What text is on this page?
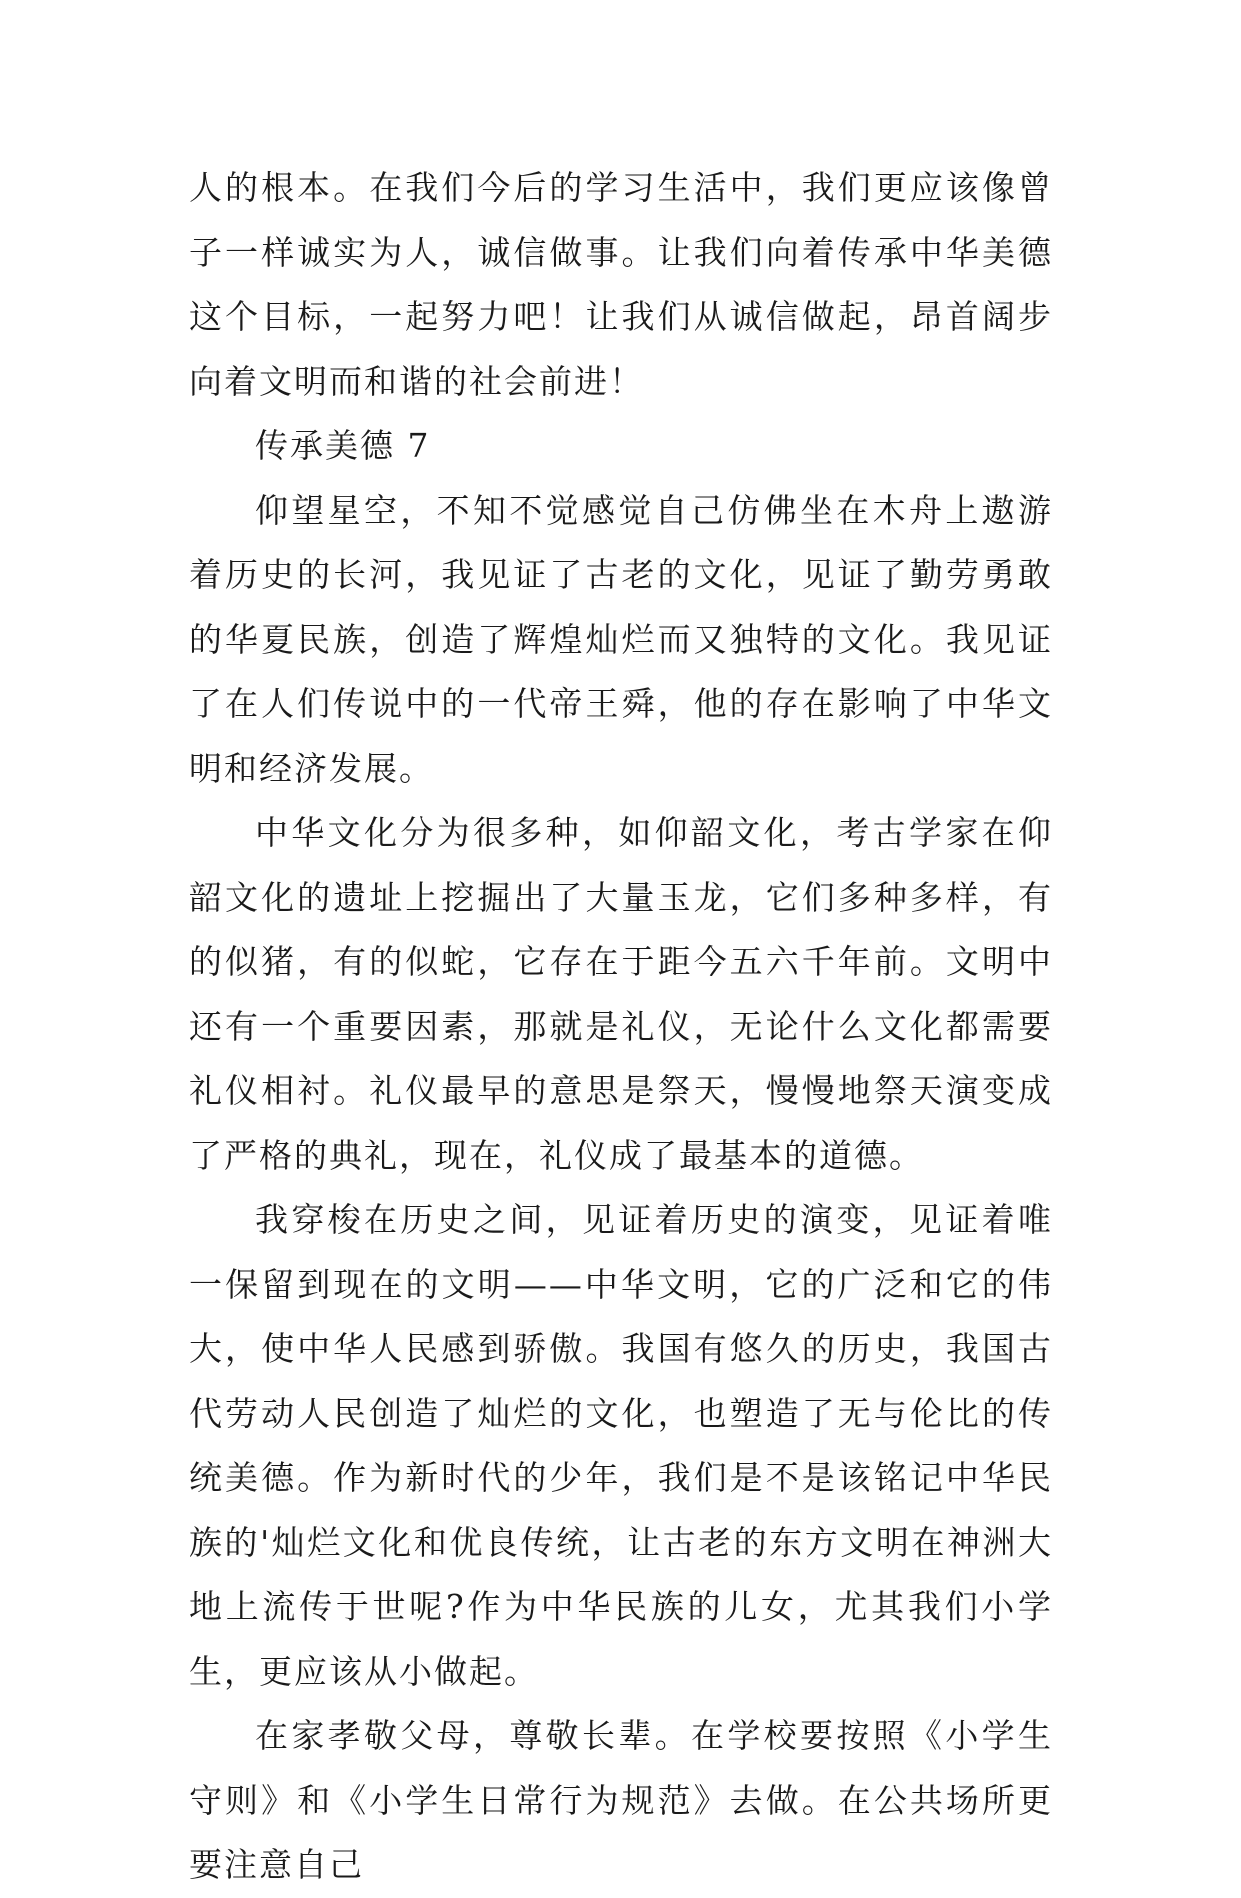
人的根本。在我们今后的学习生活中，我们更应该像曾子一样诚实为人，诚信做事。让我们向着传承中华美德这个目标，一起努力吧！让我们从诚信做起，昂首阔步向着文明而和谐的社会前进！

传承美德 7

仰望星空，不知不觉感觉自己仿佛坐在木舟上遨游着历史的长河，我见证了古老的文化，见证了勤劳勇敢的华夏民族，创造了辉煌灿烂而又独特的文化。我见证了在人们传说中的一代帝王舜，他的存在影响了中华文明和经济发展。

中华文化分为很多种，如仰韶文化，考古学家在仰韶文化的遗址上挖掘出了大量玉龙，它们多种多样，有的似猪，有的似蛇，它存在于距今五六千年前。文明中还有一个重要因素，那就是礼仪，无论什么文化都需要礼仪相衬。礼仪最早的意思是祭天，慢慢地祭天演变成了严格的典礼，现在，礼仪成了最基本的道德。

我穿梭在历史之间，见证着历史的演变，见证着唯一保留到现在的文明——中华文明，它的广泛和它的伟大，使中华人民感到骄傲。我国有悠久的历史，我国古代劳动人民创造了灿烂的文化，也塑造了无与伦比的传统美德。作为新时代的少年，我们是不是该铭记中华民族的'灿烂文化和优良传统，让古老的东方文明在神洲大地上流传于世呢?作为中华民族的儿女，尤其我们小学生，更应该从小做起。

在家孝敬父母，尊敬长辈。在学校要按照《小学生守则》和《小学生日常行为规范》去做。在公共场所更要注意自己
